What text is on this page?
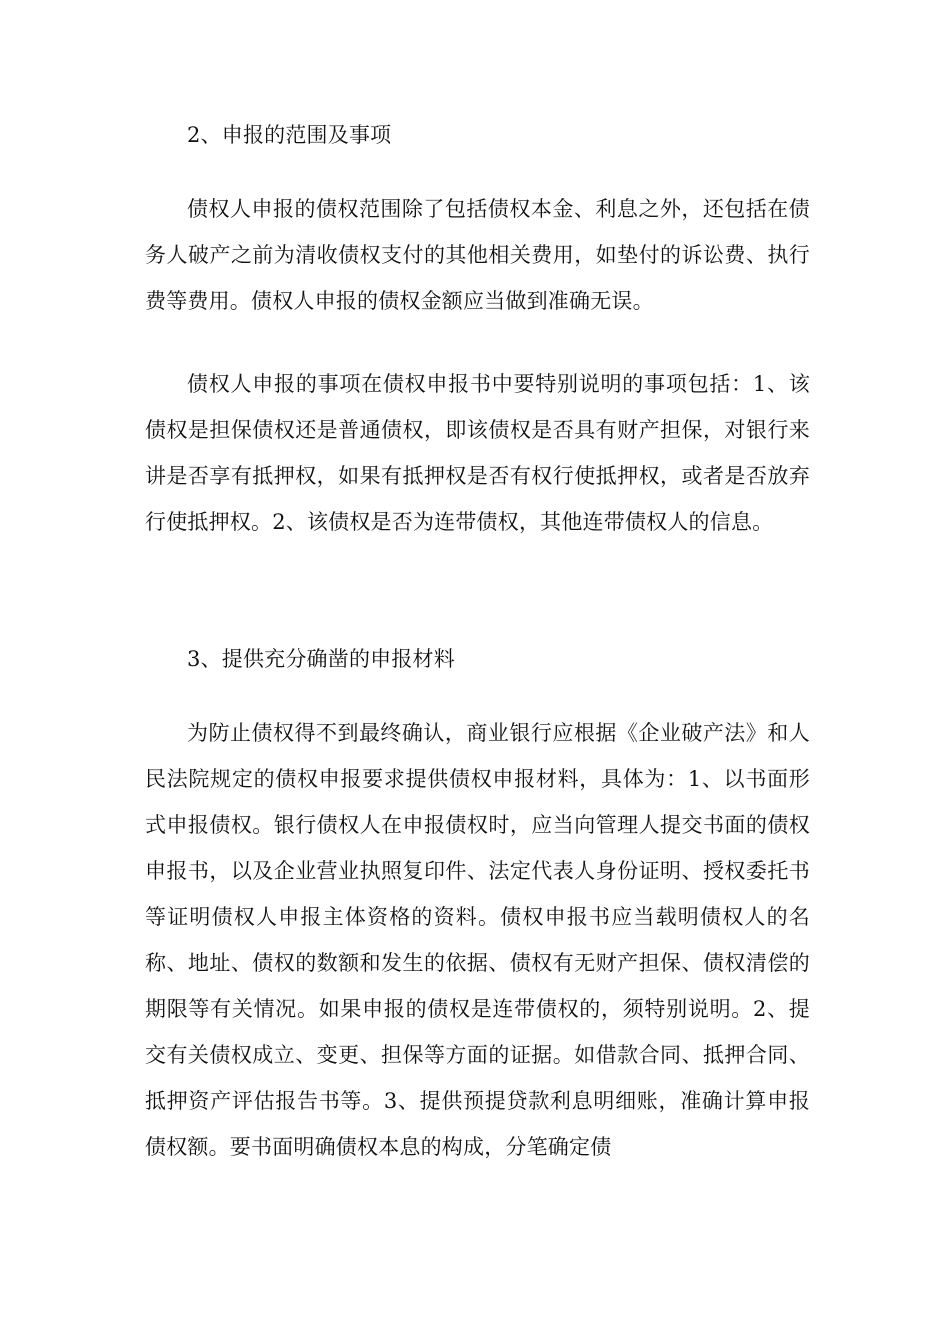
2、申报的范围及事项

债权人申报的债权范围除了包括债权本金、利息之外，还包括在债务人破产之前为清收债权支付的其他相关费用，如垫付的诉讼费、执行费等费用。债权人申报的债权金额应当做到准确无误。

债权人申报的事项在债权申报书中要特别说明的事项包括：1、该债权是担保债权还是普通债权，即该债权是否具有财产担保，对银行来讲是否享有抵押权，如果有抵押权是否有权行使抵押权，或者是否放弃行使抵押权。2、该债权是否为连带债权，其他连带债权人的信息。

3、提供充分确凿的申报材料

为防止债权得不到最终确认，商业银行应根据《企业破产法》和人民法院规定的债权申报要求提供债权申报材料，具体为：1、以书面形式申报债权。银行债权人在申报债权时，应当向管理人提交书面的债权申报书，以及企业营业执照复印件、法定代表人身份证明、授权委托书等证明债权人申报主体资格的资料。债权申报书应当载明债权人的名称、地址、债权的数额和发生的依据、债权有无财产担保、债权清偿的期限等有关情况。如果申报的债权是连带债权的，须特别说明。2、提交有关债权成立、变更、担保等方面的证据。如借款合同、抵押合同、抵押资产评估报告书等。3、提供预提贷款利息明细账，准确计算申报债权额。要书面明确债权本息的构成，分笔确定债
